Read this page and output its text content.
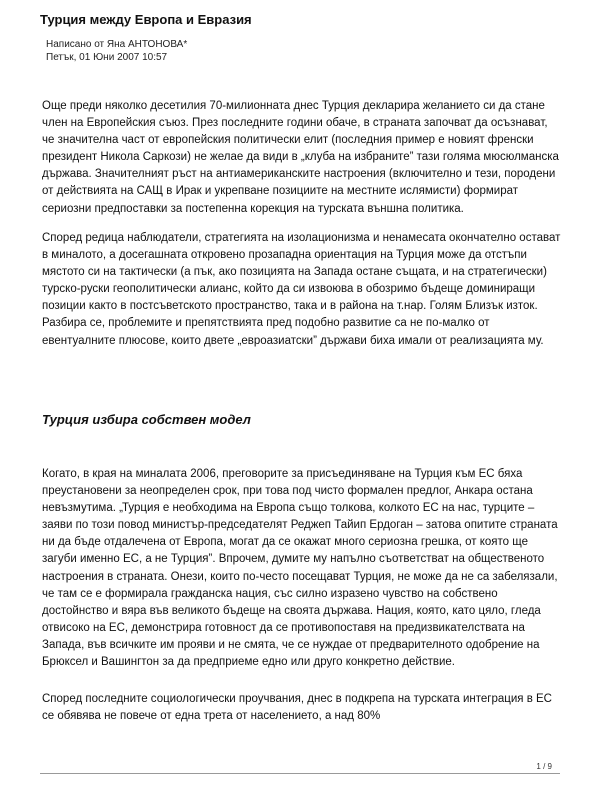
Турция между Европа и Евразия
Написано от Яна АНТОНОВА*
Петък, 01 Юни 2007 10:57

Още преди няколко десетилия 70-милионната днес Турция декларира желанието си да стане член на Европейския съюз. През последните години обаче, в страната започват да осъзнават, че значителна част от европейския политически елит (последния пример е новият френски президент Никола Саркози) не желае да види в „клуба на избраните” тази голяма мюсюлманска държава. Значителният ръст на антиамериканските настроения (включително и тези, породени от действията на САЩ в Ирак и укрепване позициите на местните ислямисти) формират сериозни предпоставки за постепенна корекция на турската външна политика.

Според редица наблюдатели, стратегията на изолационизма и ненамесата окончателно остават в миналото, а досегашната откровено прозападна ориентация на Турция може да отстъпи мястото си на тактически (а пък, ако позицията на Запада остане същата, и на стратегически) турско-руски геополитически алианс, който да си извоюва в обозримо бъдеще доминиращи позиции както в постсъветското пространство, така и в района на т.нар. Голям Близък изток. Разбира се, проблемите и препятствията пред подобно развитие са не по-малко от евентуалните плюсове, които двете „евроазиатски” държави биха имали от реализацията му.

Турция избира собствен модел

Когато, в края на миналата 2006, преговорите за присъединяване на Турция към ЕС бяха преустановени за неопределен срок, при това под чисто формален предлог, Анкара остана невъзмутима. „Турция е необходима на Европа също толкова, колкото ЕС на нас, турците – заяви по този повод министър-председателят Реджеп Тайип Ердоган – затова опитите страната ни да бъде отдалечена от Европа, могат да се окажат много сериозна грешка, от която ще загуби именно ЕС, а не Турция”. Впрочем, думите му напълно съответстват на общественото настроения в страната. Онези, които по-често посещават Турция, не може да не са забелязали, че там се е формирала гражданска нация, със силно изразено чувство на собствено достойнство и вяра във великото бъдеще на своята държава. Нация, която, като цяло, гледа отвисоко на ЕС, демонстрира готовност да се противопоставя на предизвикателствата на Запада, във всичките им прояви и не смята, че се нуждае от предварителното одобрение на Брюксел и Вашингтон за да предприеме едно или друго конкретно действие.

Според последните социологически проучвания, днес в подкрепа на турската интеграция в ЕС се обявява не повече от една трета от населението, а над 80%

1 / 9
